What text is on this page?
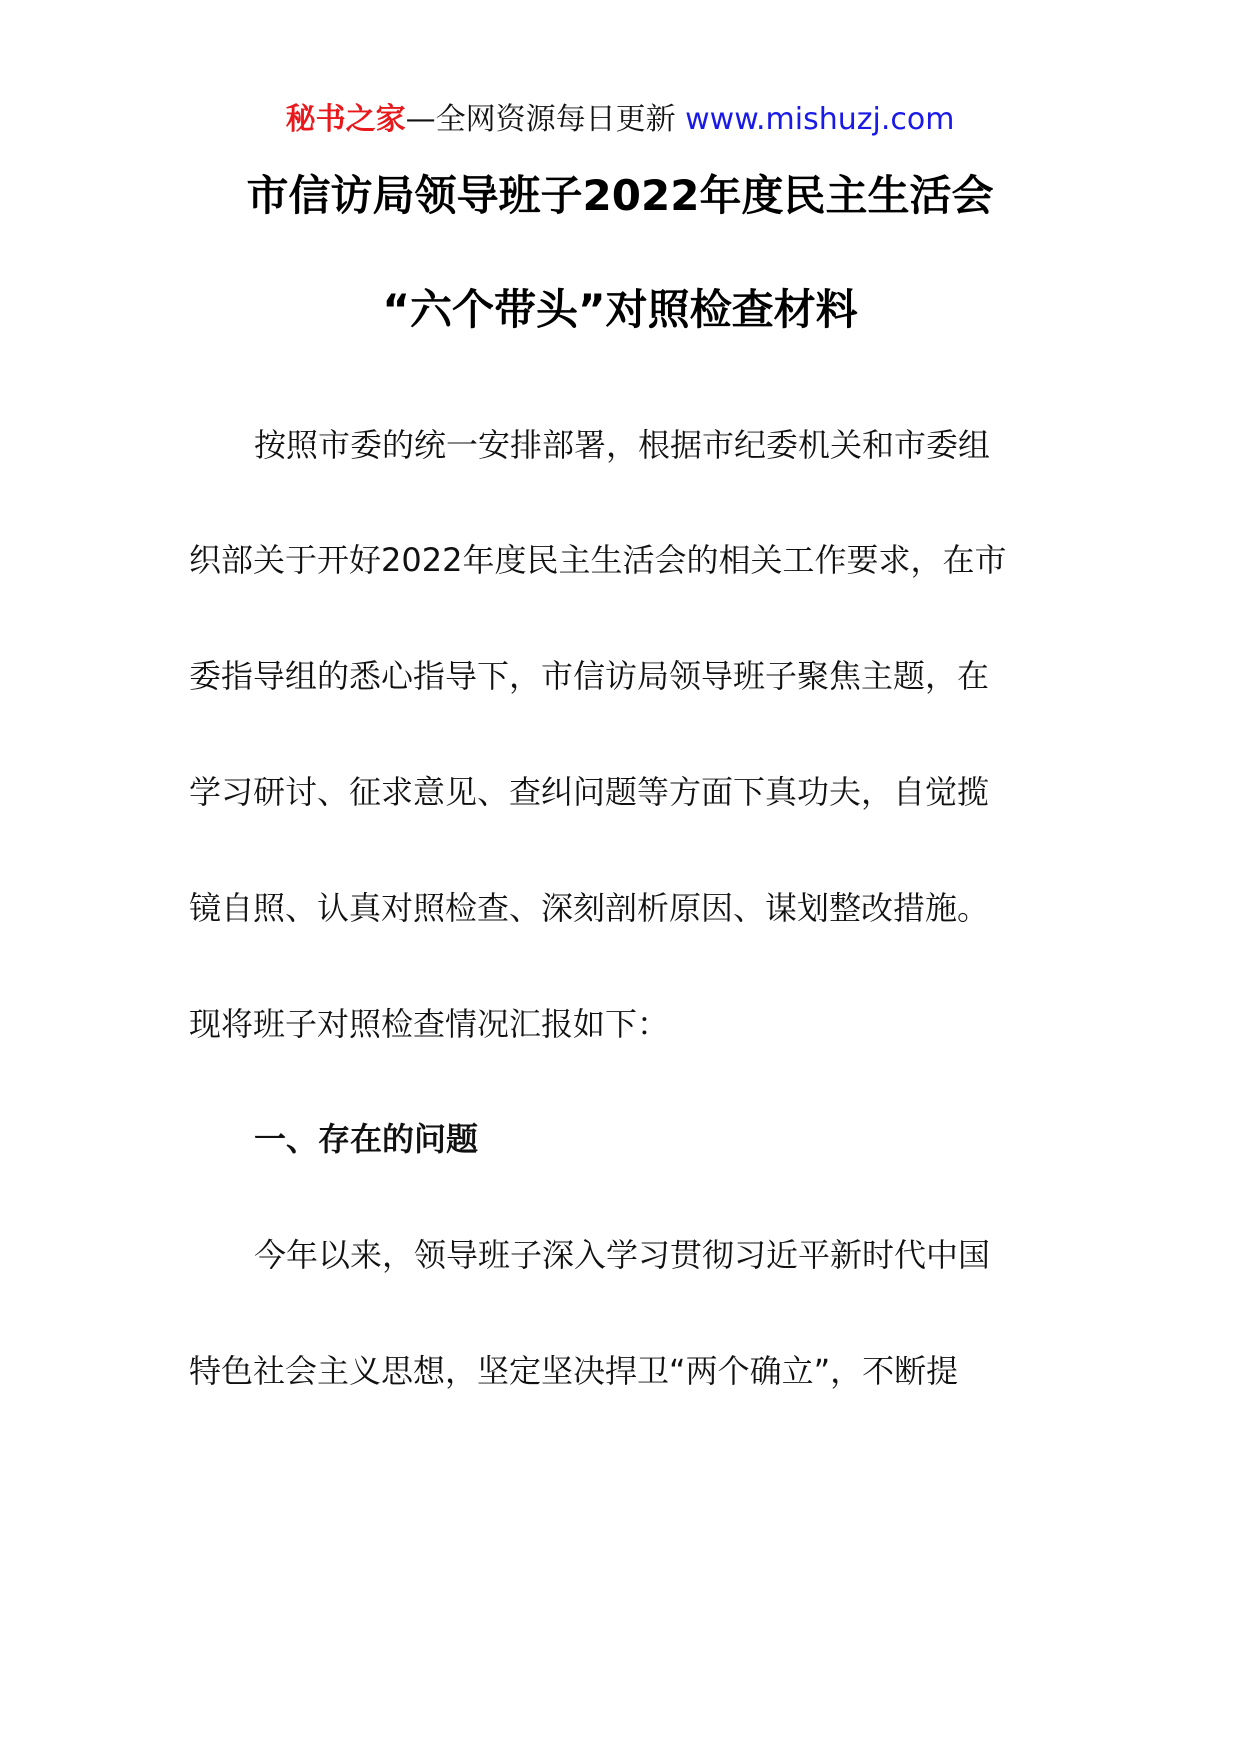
秘书之家—全网资源每日更新 www.mishuzj.com
市信访局领导班子2022年度民主生活会
“六个带头”对照检查材料
按照市委的统一安排部署，根据市纪委机关和市委组
织部关于开好2022年度民主生活会的相关工作要求，在市
委指导组的悉心指导下，市信访局领导班子聚焦主题，在
学习研讨、征求意见、查纠问题等方面下真功夫，自觉揽
镜自照、认真对照检查、深刻剖析原因、谋划整改措施。
现将班子对照检查情况汇报如下：
一、存在的问题
今年以来，领导班子深入学习贯彻习近平新时代中国
特色社会主义思想，坚定坚决捍卫“两个确立”，不断提
